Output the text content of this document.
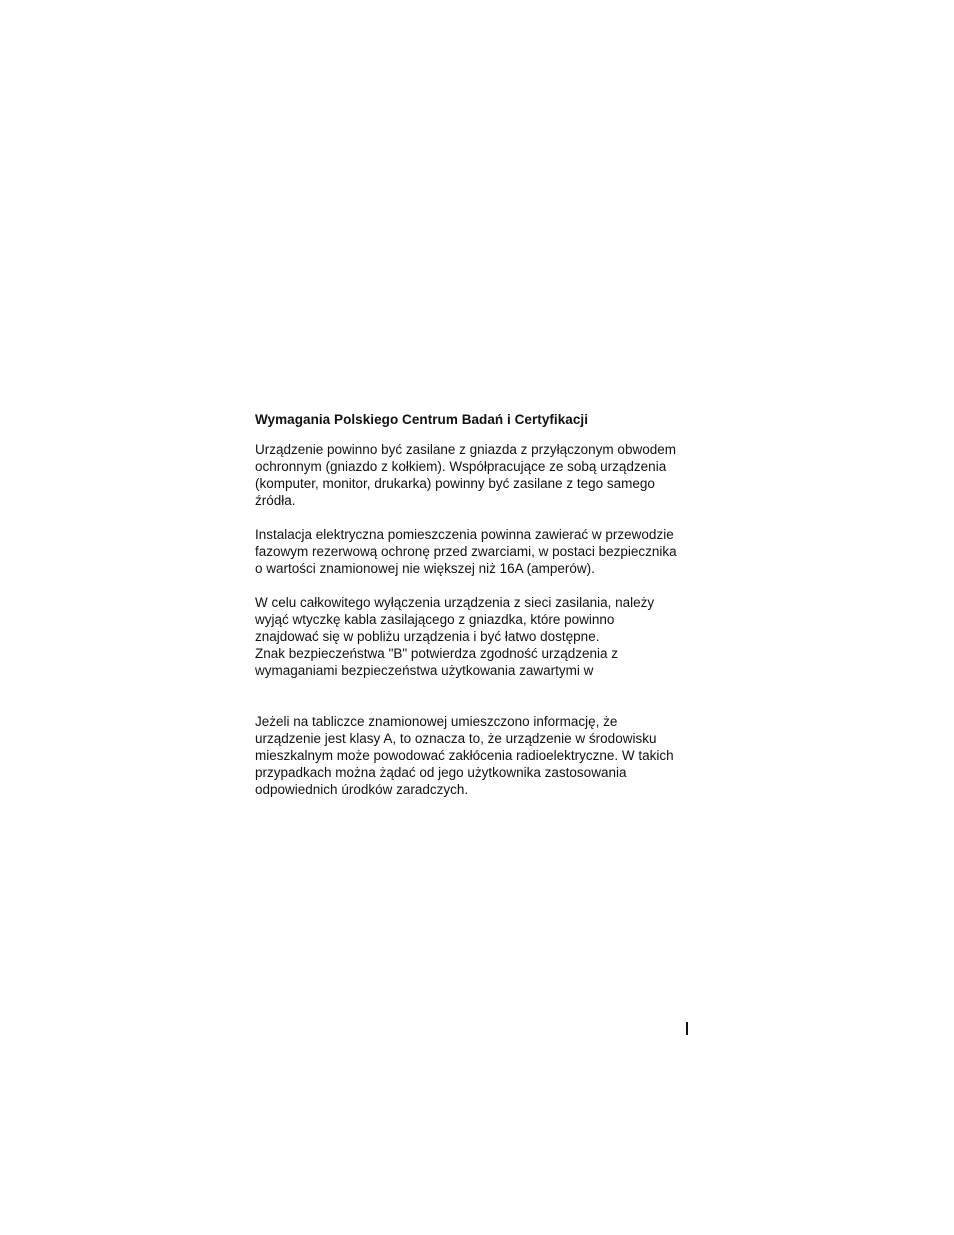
Wymagania Polskiego Centrum Badań i Certyfikacji

Urządzenie powinno być zasilane z gniazda z przyłączonym obwodem
ochronnym (gniazdo z kołkiem). Współpracujące ze sobą urządzenia
(komputer, monitor, drukarka) powinny być zasilane z tego samego
źródła.

Instalacja elektryczna pomieszczenia powinna zawierać w przewodzie
fazowym rezerwową ochronę przed zwarciami, w postaci bezpiecznika
o wartości znamionowej nie większej niż 16A (amperów).

W celu całkowitego wyłączenia urządzenia z sieci zasilania, należy
wyjąć wtyczkę kabla zasilającego z gniazdka, które powinno
znajdować się w pobliżu urządzenia i być łatwo dostępne.
Znak bezpieczeństwa "B" potwierdza zgodność urządzenia z
wymaganiami bezpieczeństwa użytkowania zawartymi w

Jeżeli na tabliczce znamionowej umieszczono informację, że
urządzenie jest klasy A, to oznacza to, że urządzenie w środowisku
mieszkalnym może powodować zakłócenia radioelektryczne. W takich
przypadkach można żądać od jego użytkownika zastosowania
odpowiednich úrodków zaradczych.
